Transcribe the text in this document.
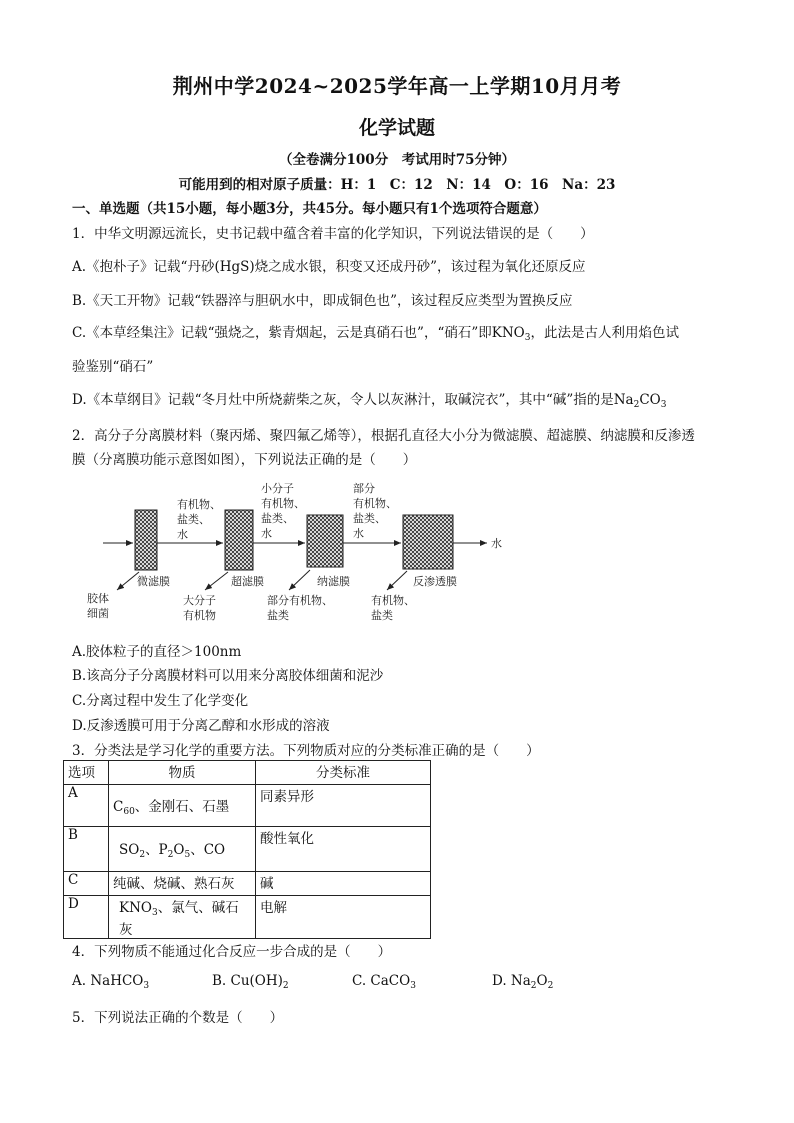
荆州中学2024~2025学年高一上学期10月月考
化学试题
（全卷满分100分　考试用时75分钟）
可能用到的相对原子质量：H：1　C：12　N：14　O：16　Na：23
一、单选题（共15小题，每小题3分，共45分。每小题只有1个选项符合题意）
1．中华文明源远流长，史书记载中蕴含着丰富的化学知识，下列说法错误的是（　　）
A.《抱朴子》记载“丹砂(HgS)烧之成水银，积变又还成丹砂”，该过程为氧化还原反应
B.《天工开物》记载“铁器淬与胆矾水中，即成铜色也”，该过程反应类型为置换反应
C.《本草经集注》记载“强烧之，紫青烟起，云是真硝石也”，“硝石”即$KNO_3$，此法是古人利用焰色试
验鉴别“硝石”
D.《本草纲目》记载“冬月灶中所烧薪柴之灰，令人以灰淋汁，取碱浣衣”，其中“碱”指的是$Na_2CO_3$
2．高分子分离膜材料（聚丙烯、聚四氟乙烯等），根据孔直径大小分为微滤膜、超滤膜、纳滤膜和反渗透
膜（分离膜功能示意图如图），下列说法正确的是（　　）
有机物、
盐类、
水
小分子
有机物、
盐类、
水
部分
有机物、
盐类、
水
水
微滤膜	超滤膜	纳滤膜	反渗透膜
胶体
细菌
大分子
有机物
部分有机物、
盐类
有机物、
盐类
A.胶体粒子的直径＞100nm
B.该高分子分离膜材料可以用来分离胶体细菌和泥沙
C.分离过程中发生了化学变化
D.反渗透膜可用于分离乙醇和水形成的溶液
3．分类法是学习化学的重要方法。下列物质对应的分类标准正确的是（　　）
选项	物质	分类标准
A	$C_{60}$、金刚石、石墨	同素异形
B	$SO_2$、$P_2O_5$、CO	酸性氧化
C	纯碱、烧碱、熟石灰	碱
D	$KNO_3$、氯气、碱石灰	电解
4．下列物质不能通过化合反应一步合成的是（　　）
A. NaHCO$_3$	B. $Cu(OH)_2$	C. CaCO$_3$	D. $Na_2O_2$
5．下列说法正确的个数是（　　）
